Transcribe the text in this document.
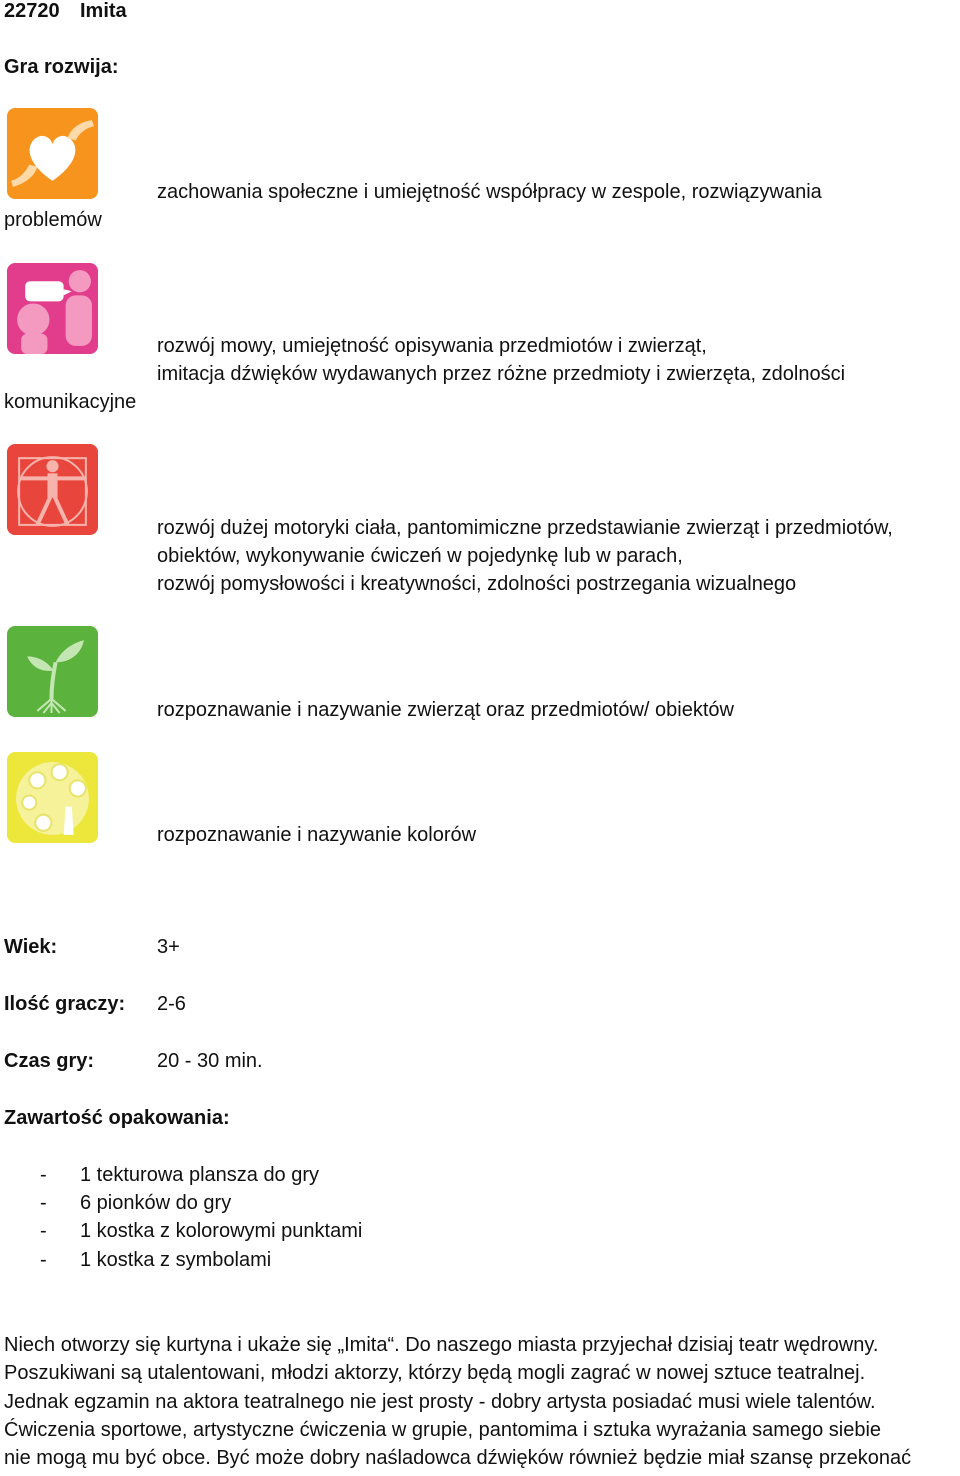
22720 Imita
Gra rozwija:
zachowania społeczne i umiejętność współpracy w zespole, rozwiązywania
problemów
rozwój mowy, umiejętność opisywania przedmiotów i zwierząt,
imitacja dźwięków wydawanych przez różne przedmioty i zwierzęta, zdolności
komunikacyjne
rozwój dużej motoryki ciała, pantomimiczne przedstawianie zwierząt i przedmiotów,
obiektów, wykonywanie ćwiczeń w pojedynkę lub w parach,
rozwój pomysłowości i kreatywności, zdolności postrzegania wizualnego
rozpoznawanie i nazywanie zwierząt oraz przedmiotów/ obiektów
rozpoznawanie i nazywanie kolorów
Wiek:	3+
Ilość graczy: 2-6
Czas gry:	20 - 30 min.
Zawartość opakowania:
- 1 tekturowa plansza do gry
- 6 pionków do gry
- 1 kostka z kolorowymi punktami
- 1 kostka z symbolami
Niech otworzy się kurtyna i ukaże się „Imita“. Do naszego miasta przyjechał dzisiaj teatr wędrowny.
Poszukiwani są utalentowani, młodzi aktorzy, którzy będą mogli zagrać w nowej sztuce teatralnej.
Jednak egzamin na aktora teatralnego nie jest prosty - dobry artysta posiadać musi wiele talentów.
Ćwiczenia sportowe, artystyczne ćwiczenia w grupie, pantomima i sztuka wyrażania samego siebie
nie mogą mu być obce. Być może dobry naśladowca dźwięków również będzie miał szansę przekonać
